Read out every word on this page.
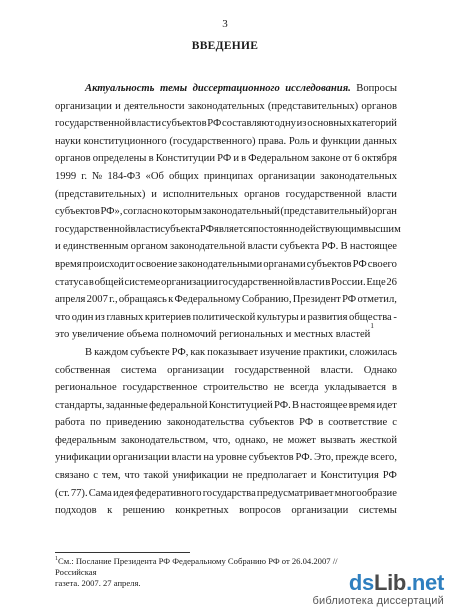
3
ВВЕДЕНИЕ
Актуальность темы диссертационного исследования. Вопросы
организации и деятельности законодательных (представительных) органов
государственной власти субъектов РФ составляют одну из основных категорий
науки конституционного (государственного) права. Роль и функции данных
органов определены в Конституции РФ и в Федеральном законе от 6 октября
1999 г. № 184-ФЗ «Об общих принципах организации законодательных
(представительных) и исполнительных органов государственной власти
субъектов РФ», согласно которым законодательный (представительный) орган
государственной власти субъекта РФ является постоянно действующим высшим
и единственным органом законодательной власти субъекта РФ. В настоящее
время происходит освоение законодательными органами субъектов РФ своего
статуса в общей системе организации государственной власти в России. Еще 26
апреля 2007 г., обращаясь к Федеральному Собранию, Президент РФ отметил,
что один из главных критериев политической культуры и развития общества -
это увеличение объема полномочий региональных и местных властей
1
В каждом субъекте РФ, как показывает изучение практики, сложилась
собственная система организации государственной власти. Однако
региональное государственное строительство не всегда укладывается в
стандарты, заданные федеральной Конституцией РФ. В настоящее время идет
работа по приведению законодательства субъектов РФ в соответствие с
федеральным законодательством, что, однако, не может вызвать жесткой
унификации организации власти на уровне субъектов РФ. Это, прежде всего,
связано с тем, что такой унификации не предполагает и Конституция РФ
(ст. 77). Сама идея федеративного государства предусматривает многообразие
подходов к решению конкретных вопросов организации системы
$^1$См.: Послание Президента РФ Федеральному Собранию РФ от 26.04.2007 // Российская
газета. 2007. 27 апреля.	dsLib.net
библиотека диссертаций
